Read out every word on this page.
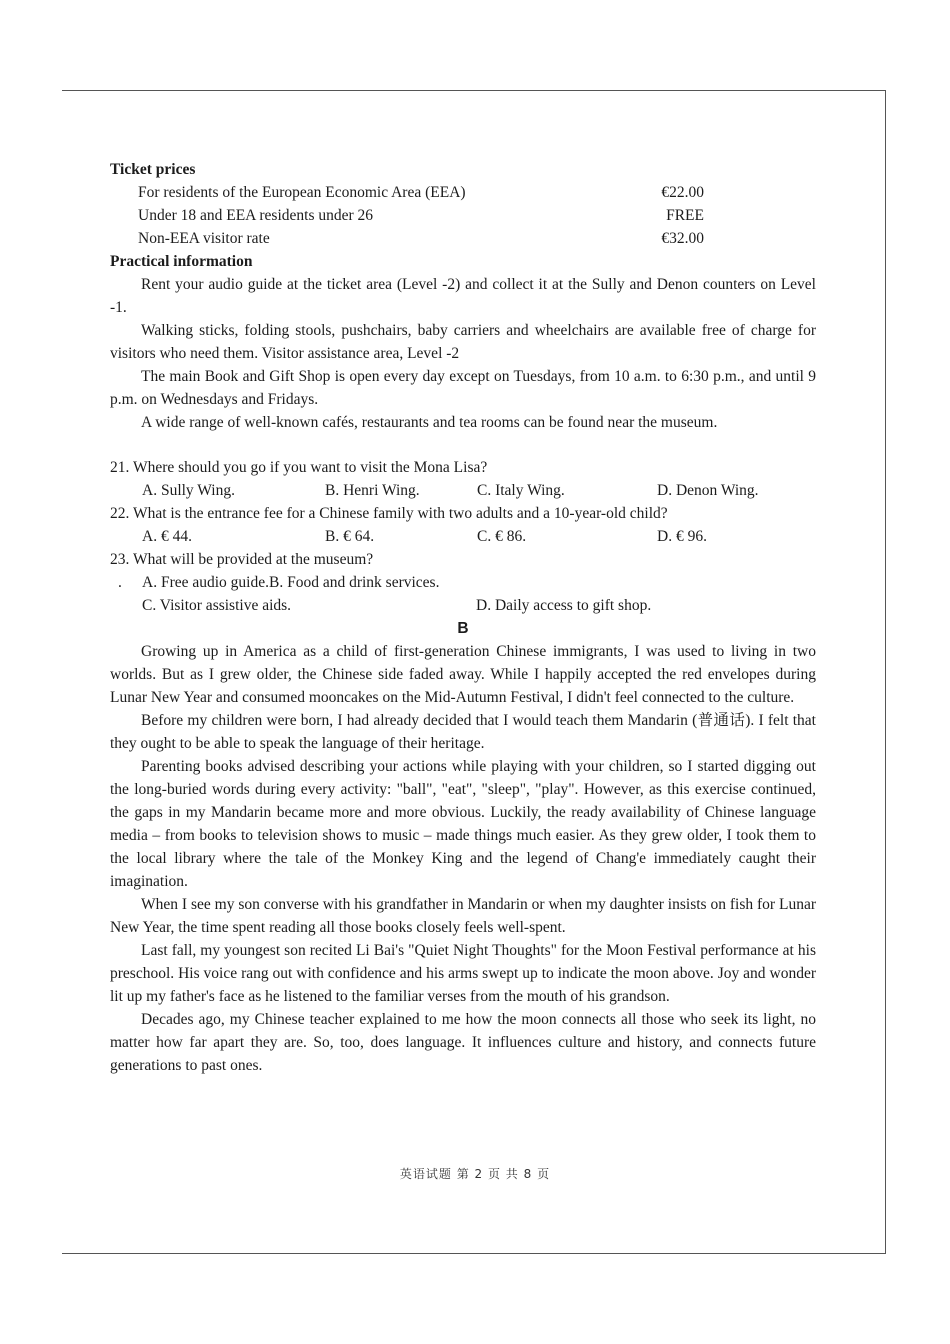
Ticket prices
For residents of the European Economic Area (EEA)	€22.00
Under 18 and EEA residents under 26	FREE
Non-EEA visitor rate	€32.00
Practical information

Rent your audio guide at the ticket area (Level -2) and collect it at the Sully and Denon counters on Level -1.

Walking sticks, folding stools, pushchairs, baby carriers and wheelchairs are available free of charge for visitors who need them. Visitor assistance area, Level -2

The main Book and Gift Shop is open every day except on Tuesdays, from 10 a.m. to 6:30 p.m., and until 9 p.m. on Wednesdays and Fridays.

A wide range of well-known cafés, restaurants and tea rooms can be found near the museum.

21. Where should you go if you want to visit the Mona Lisa?

A. Sully Wing.	B. Henri Wing.	C. Italy Wing.	D. Denon Wing.

22. What is the entrance fee for a Chinese family with two adults and a 10-year-old child?

A. € 44.	B. € 64.	C. € 86.	D. € 96.

23. What will be provided at the museum?

.	A. Free audio guide. B. Food and drink services.
C. Visitor assistive aids.	D. Daily access to gift shop.
B

Growing up in America as a child of first-generation Chinese immigrants, I was used to living in two worlds. But as I grew older, the Chinese side faded away. While I happily accepted the red envelopes during Lunar New Year and consumed mooncakes on the Mid-Autumn Festival, I didn't feel connected to the culture.

Before my children were born, I had already decided that I would teach them Mandarin (普通话). I felt that they ought to be able to speak the language of their heritage.

Parenting books advised describing your actions while playing with your children, so I started digging out the long-buried words during every activity: "ball", "eat", "sleep", "play". However, as this exercise continued, the gaps in my Mandarin became more and more obvious. Luckily, the ready availability of Chinese language media – from books to television shows to music – made things much easier. As they grew older, I took them to the local library where the tale of the Monkey King and the legend of Chang'e immediately caught their imagination.

When I see my son converse with his grandfather in Mandarin or when my daughter insists on fish for Lunar New Year, the time spent reading all those books closely feels well-spent.

Last fall, my youngest son recited Li Bai's "Quiet Night Thoughts" for the Moon Festival performance at his preschool. His voice rang out with confidence and his arms swept up to indicate the moon above. Joy and wonder lit up my father's face as he listened to the familiar verses from the mouth of his grandson.

Decades ago, my Chinese teacher explained to me how the moon connects all those who seek its light, no matter how far apart they are. So, too, does language. It influences culture and history, and connects future generations to past ones.

英语试题 第 2 页 共 8 页
